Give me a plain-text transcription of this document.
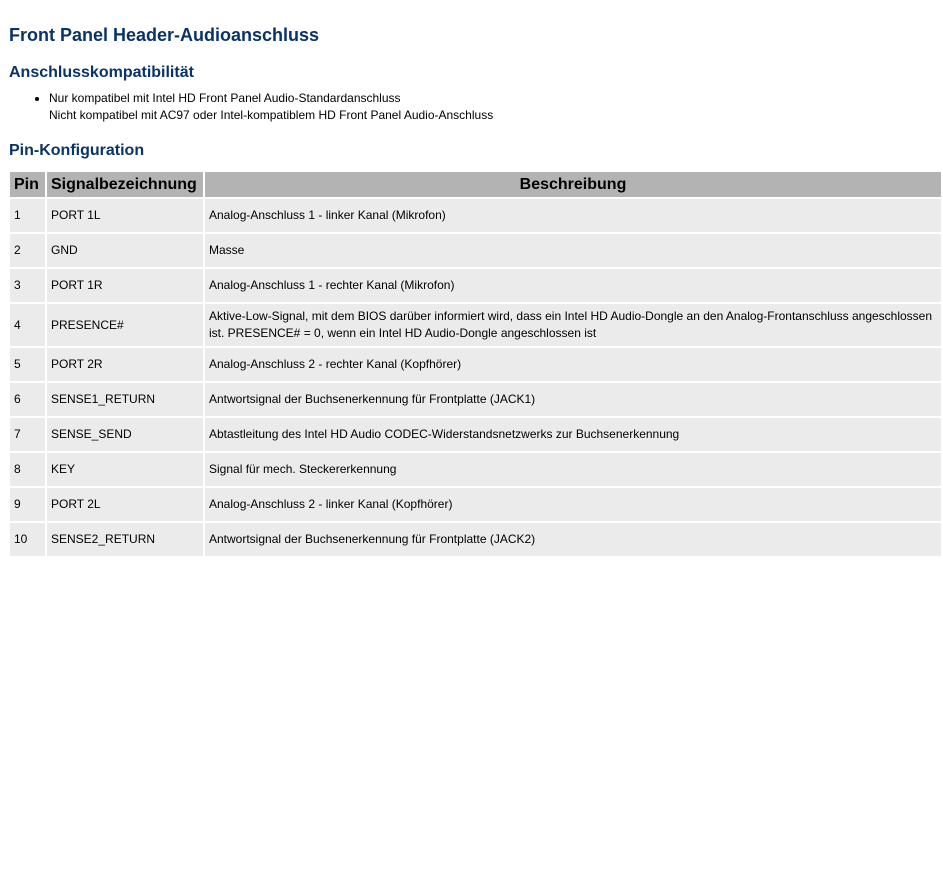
Front Panel Header-Audioanschluss
Anschlusskompatibilität
• Nur kompatibel mit Intel HD Front Panel Audio-Standardanschluss
Nicht kompatibel mit AC97 oder Intel-kompatiblem HD Front Panel Audio-Anschluss
Pin-Konfiguration
Pin	Signalbezeichnung	Beschreibung
1	PORT 1L	Analog-Anschluss 1 - linker Kanal (Mikrofon)
2	GND	Masse
3	PORT 1R	Analog-Anschluss 1 - rechter Kanal (Mikrofon)
4	PRESENCE#	Aktive-Low-Signal, mit dem BIOS darüber informiert wird, dass ein Intel HD Audio-Dongle an den Analog-Frontanschluss angeschlossen ist. PRESENCE# = 0, wenn ein Intel HD Audio-Dongle angeschlossen ist
5	PORT 2R	Analog-Anschluss 2 - rechter Kanal (Kopfhörer)
6	SENSE1_RETURN	Antwortsignal der Buchsenerkennung für Frontplatte (JACK1)
7	SENSE_SEND	Abtastleitung des Intel HD Audio CODEC-Widerstandsnetzwerks zur Buchsenerkennung
8	KEY	Signal für mech. Steckererkennung
9	PORT 2L	Analog-Anschluss 2 - linker Kanal (Kopfhörer)
10	SENSE2_RETURN	Antwortsignal der Buchsenerkennung für Frontplatte (JACK2)
